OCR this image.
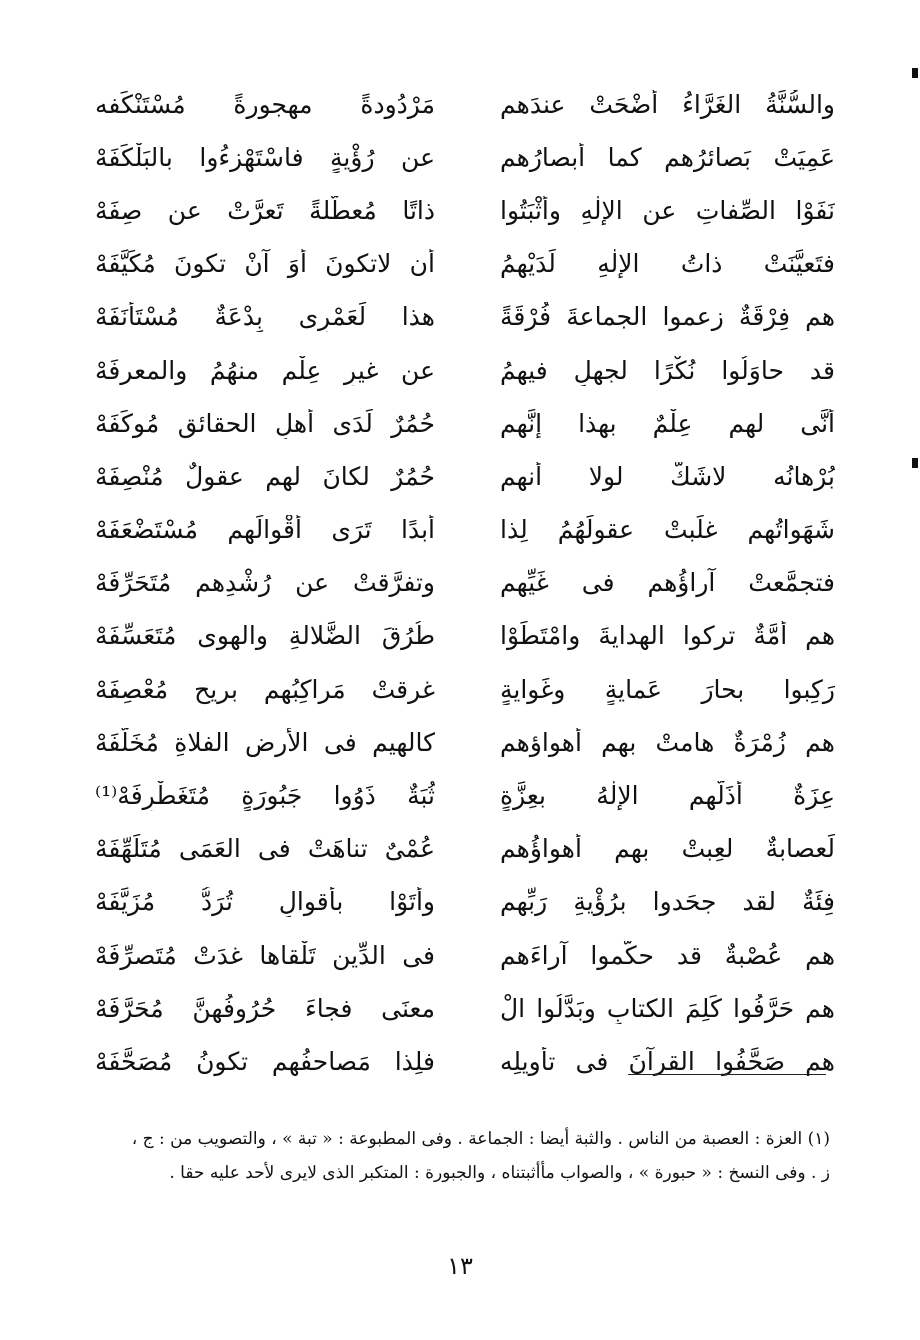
والسُّنَّةُ الغَرَّاءُ أضْحَتْ عندَهم
مَرْدُودةً مهجورةً مُسْتَنْكَفه
عَمِيَتْ بَصائرُهم كما أبصارُهم
عن رُؤْيةٍ فاسْتَهْزءُوا بالبَلْكَفَهْ
نَفَوْا الصِّفاتِ عن الإلٰهِ وأثْبَتُوا
ذاتًا مُعطَّلةً تَعرَّتْ عن صِفَهْ
فتَعيَّنَتْ ذاتُ الإلٰهِ لَدَيْهِمُ
أن لاتكونَ أوَ آنْ تكونَ مُكَيَّفَهْ
هم فِرْقَةٌ زعموا الجماعةَ فُرْقَةً
هذا لَعَمْرِى بِدْعَةٌ مُسْتَأْنَفَهْ
قد حاوَلُوا نُكْرًا لجهلٍ فيهمُ
عن غيرِ عِلْمٍ منهُمُ والمعرفَهْ
أنَّى لهم عِلْمٌ بهذا إنَّهم
حُمُرٌ لَدَى أهلِ الحقائقِ مُوكَفَهْ
بُرْهانُه لاشَكَّ لولا أنهم
حُمُرٌ لكانَ لهم عقولٌ مُنْصِفَهْ
شَهَواتُهم غلَبتْ عقولَهُمُ لِذا
أبدًا تَرَى أقْوالَهم مُسْتَضْعَفَهْ
فتجمَّعتْ آراؤُهم فى غَيِّهم
وتفرَّقتْ عن رُشْدِهم مُتَحَرِّفَهْ
هم أُمَّةٌ تركوا الهِدايةَ وامْتَطَوْا
طُرُقَ الضَّلالةِ والهوى مُتَعَسِّفَهْ
رَكِبوا بحارَ عَمايةٍ وغَوايةٍ
غرقتْ مَراكِبُهم بريحٍ مُعْصِفَهْ
هم زُمْرَةٌ هامتْ بهم أهواؤهم
كالهيمِ فى الأرضِ الفلاةِ مُخَلَّفَهْ
عِزَةٌ أذَلَّهم الإلٰهُ بعِزَّةٍ
ثُبَةٌ ذَوُوا جَبُورَةٍ مُتَغَطْرِفَهْ⁽¹⁾
لَعصابةٌ لعِبتْ بهم أهواؤُهم
عُمْىٌ تناهَتْ فى العَمَى مُتَلَهِّفَهْ
فِئَةٌ لقد جحَدوا برُؤْيةِ رَبِّهم
وأتَوْا بأقوالٍ تُرَدُّ مُزَيَّفَهْ
هم عُصْبةٌ قد حكَّموا آراءَهم
فى الدِّينِ تَلْقاها غدَتْ مُتَصرِّفَهْ
هم حَرَّفُوا كَلِمَ الكتابِ وبَدَّلُوا الْ
معنَى فجاءَ حُرُوفُهنَّ مُحَرَّفَهْ
هم صَحَّفُوا القرآنَ فى تأويلِه
فلِذا مَصاحفُهم تكونُ مُصَحَّفَهْ
(١) العزة : العصبة من الناس . والثبة أيضا : الجماعة . وفى المطبوعة : « تبة » ، والتصويب من : ج ،
ز . وفى النسخ : « حبورة » ، والصواب مأأثبتناه ، والجبورة : المتكبر الذى لايرى لأحد عليه حقا .
١٣
